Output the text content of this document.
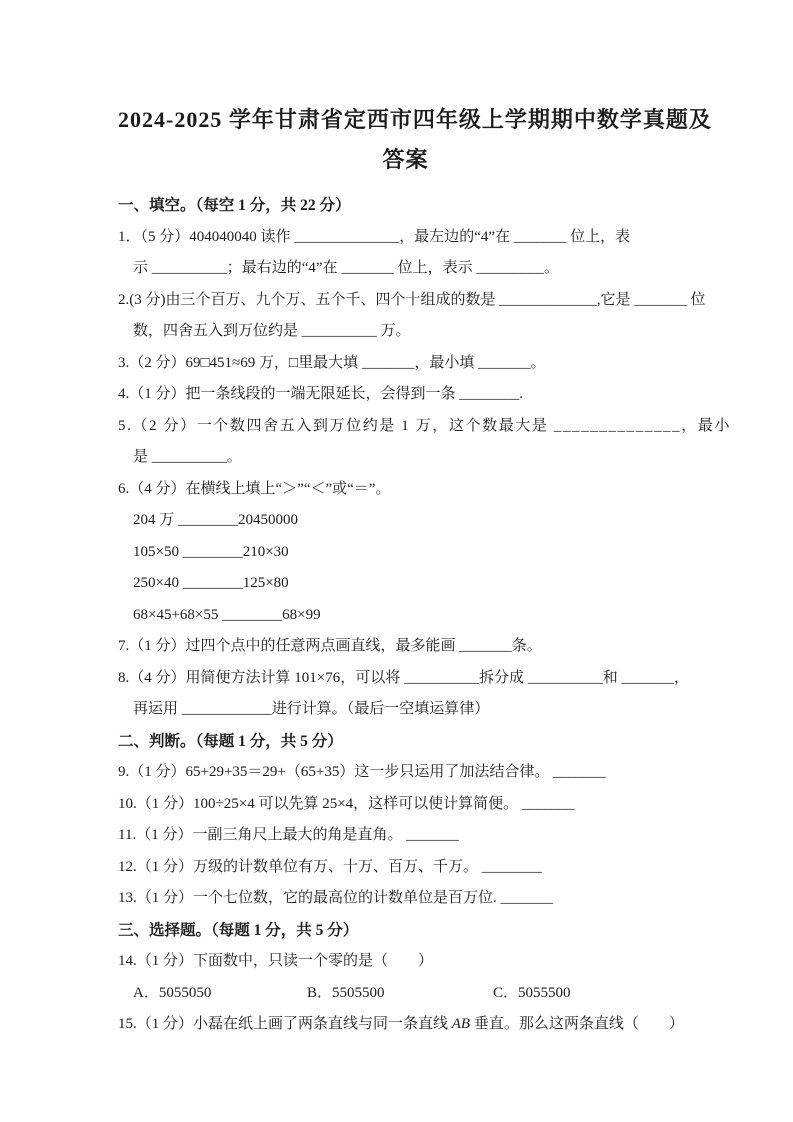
2024-2025 学年甘肃省定西市四年级上学期期中数学真题及
答案
一、填空。（每空 1 分，共 22 分）
1．（5 分）404040040 读作 ______________，最左边的“4”在 _______ 位上，表
示 __________；最右边的“4”在 _______ 位上，表示 _________。
2.(3 分)由三个百万、九个万、五个千、四个十组成的数是 _____________,它是 _______ 位
数，四舍五入到万位约是 __________ 万。
3.（2 分）69□451≈69 万，□里最大填 _______，最小填 _______。
4.（1 分）把一条线段的一端无限延长，会得到一条 ________.
5.（2 分）一个数四舍五入到万位约是 1 万，这个数最大是 ______________，最小
是 __________。
6.（4 分）在横线上填上“＞”“＜”或“＝”。
204 万 ________20450000
105×50 ________210×30
250×40 ________125×80
68×45+68×55 ________68×99
7.（1 分）过四个点中的任意两点画直线，最多能画 _______条。
8.（4 分）用简便方法计算 101×76，可以将 __________拆分成 __________和 _______，
再运用 ____________进行计算。（最后一空填运算律）
二、判断。（每题 1 分，共 5 分）
9.（1 分）65+29+35＝29+（65+35）这一步只运用了加法结合律。 _______
10.（1 分）100÷25×4 可以先算 25×4，这样可以使计算简便。 _______
11.（1 分）一副三角尺上最大的角是直角。 _______
12.（1 分）万级的计数单位有万、十万、百万、千万。 ________
13.（1 分）一个七位数，它的最高位的计数单位是百万位. _______
三、选择题。（每题 1 分，共 5 分）
14.（1 分）下面数中，只读一个零的是（　　）
A．5055050	B．5505500	C．5055500
15.（1 分）小磊在纸上画了两条直线与同一条直线 AB 垂直。那么这两条直线（　　）
